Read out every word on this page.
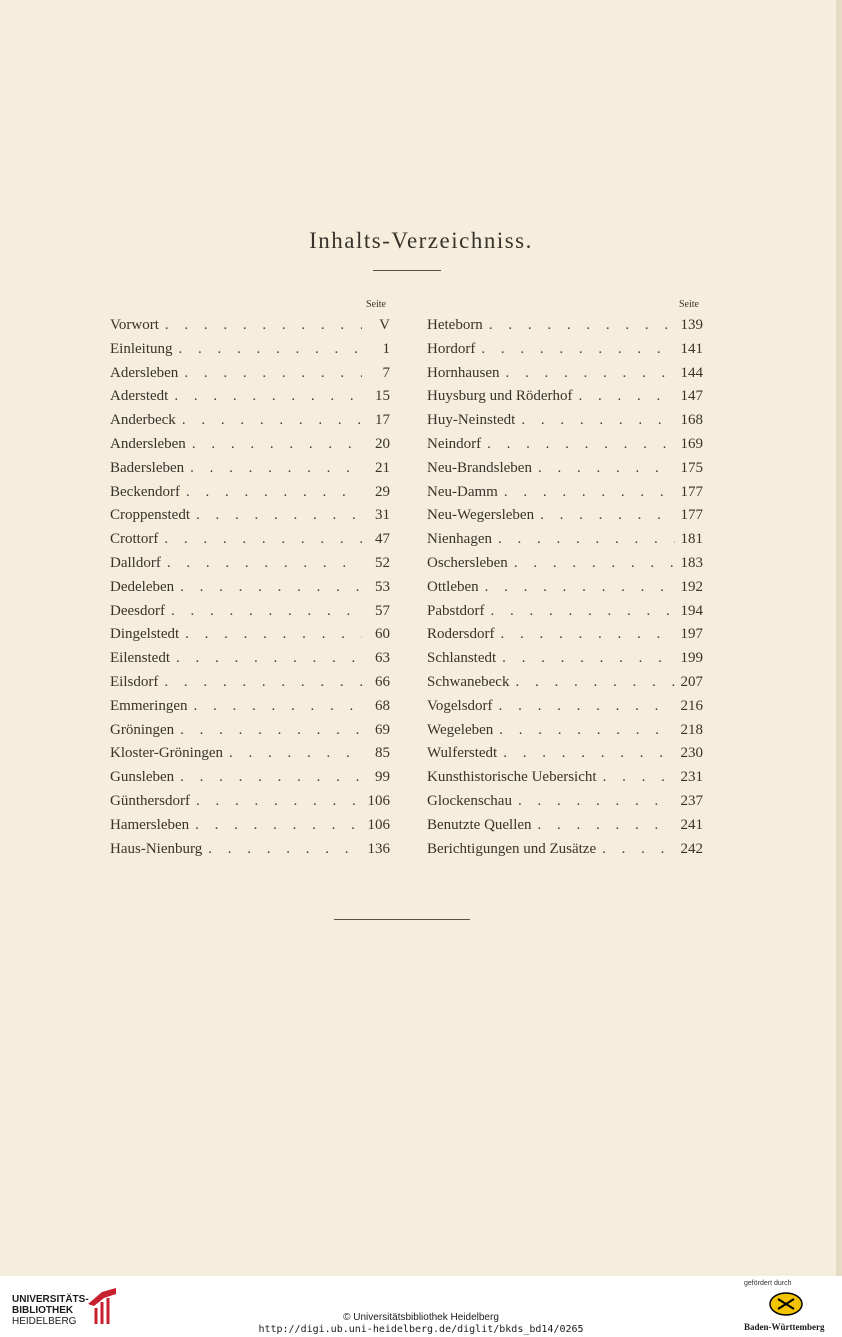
Inhalts-Verzeichniss.
Seite
Vorwort . . .	V
Einleitung . . .	1
Adersleben . . .	7
Aderstedt . . .	15
Anderbeck . . .	17
Andersleben . . .	20
Badersleben . . .	21
Beckendorf . . .	29
Croppenstedt . . .	31
Crottorf . . .	47
Dalldorf . . .	52
Dedeleben . . .	53
Deesdorf . . .	57
Dingelstedt . . .	60
Eilenstedt . . .	63
Eilsdorf . . .	66
Emmeringen . . .	68
Gröningen . . .	69
Kloster-Gröningen . . .	85
Gunsleben . . .	99
Günthersdorf . . .	106
Hamersleben . . .	106
Haus-Nienburg . . .	136
Seite
Heteborn . . .	139
Hordorf . . .	141
Hornhausen . . .	144
Huysburg und Röderhof . . .	147
Huy-Neinstedt . . .	168
Neindorf . . .	169
Neu-Brandsleben . . .	175
Neu-Damm . . .	177
Neu-Wegersleben . . .	177
Nienhagen . . .	181
Oschersleben . . .	183
Ottleben . . .	192
Pabstdorf . . .	194
Rodersdorf . . .	197
Schlanstedt . . .	199
Schwanebeck . . .	207
Vogelsdorf . . .	216
Wegeleben . . .	218
Wulferstedt . . .	230
Kunsthistorische Uebersicht . . .	231
Glockenschau . . .	237
Benutzte Quellen . . .	241
Berichtigungen und Zusätze . . .	242
UNIVERSITÄTS-
BIBLIOTHEK
HEIDELBERG	© Universitätsbibliothek Heidelberg
http://digi.ub.uni-heidelberg.de/diglit/bkds_bd14/0265
gefördert durch
Baden-Württemberg
